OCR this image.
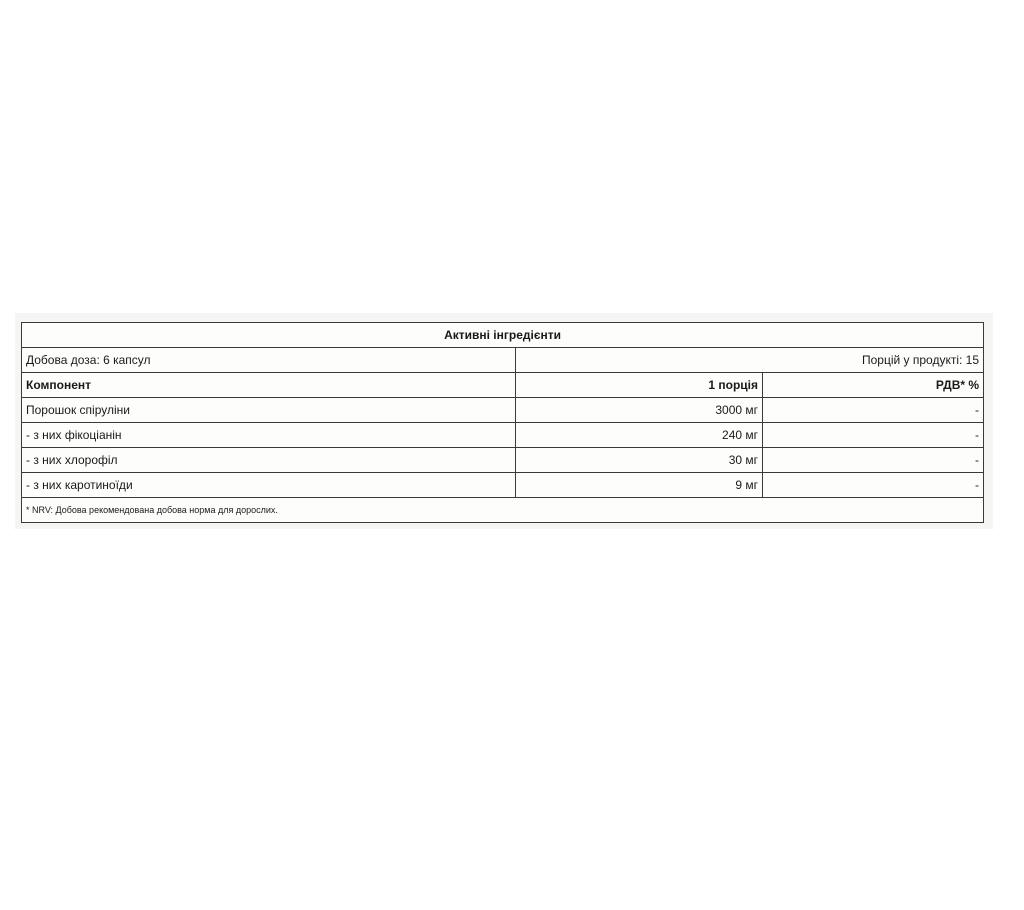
Активні інгредієнти		
Добова доза: 6 капсул	Порцій у продукті: 15	
Компонент	1 порція	РДВ* %
Порошок спіруліни	3000 мг	-
- з них фікоціанін	240 мг	-
- з них хлорофіл	30 мг	-
- з них каротиноїди	9 мг	-
* NRV: Добова рекомендована добова норма для дорослих.		
